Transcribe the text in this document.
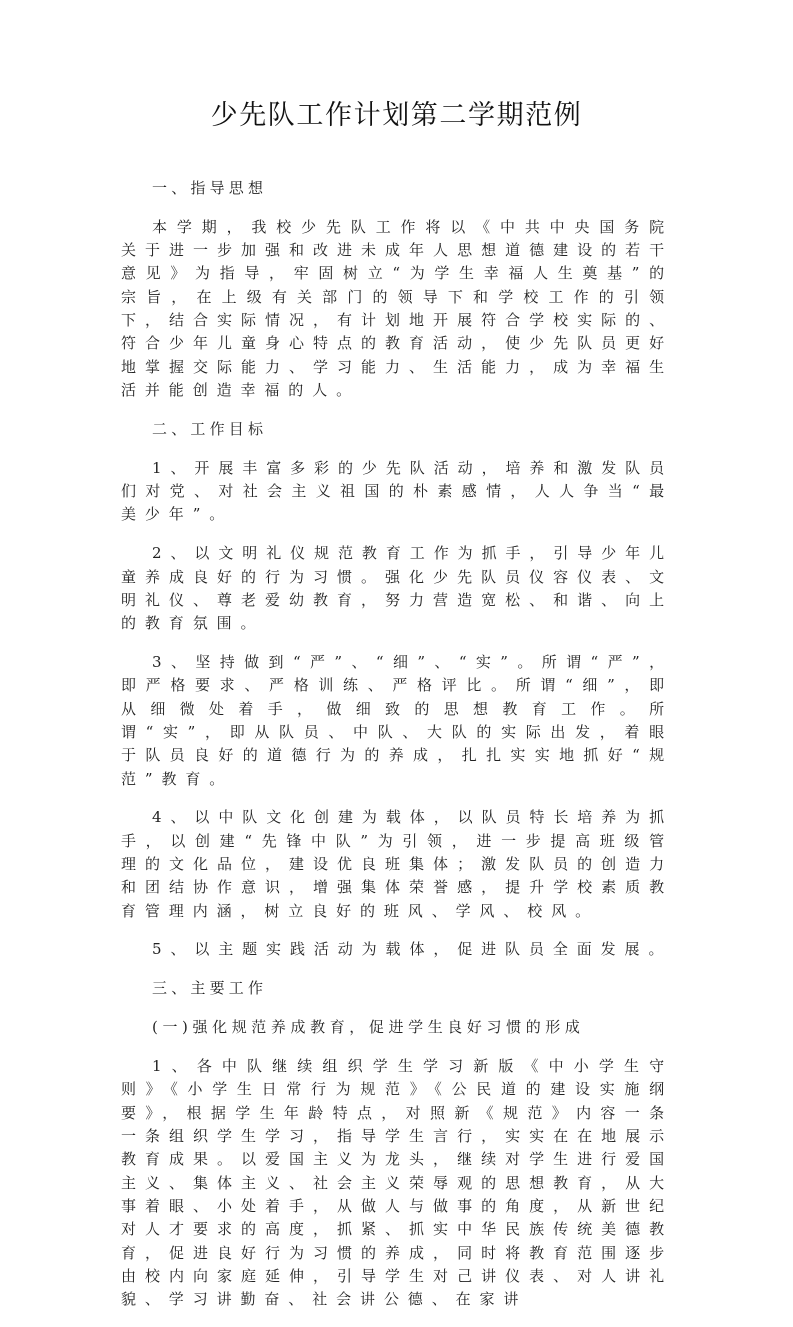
少先队工作计划第二学期范例

一、指导思想

本学期，我校少先队工作将以《中共中央国务院关于进一步加强和改进未成年人思想道德建设的若干意见》为指导，牢固树立“为学生幸福人生奠基”的宗旨，在上级有关部门的领导下和学校工作的引领下，结合实际情况，有计划地开展符合学校实际的、符合少年儿童身心特点的教育活动，使少先队员更好地掌握交际能力、学习能力、生活能力，成为幸福生活并能创造幸福的人。

二、工作目标

1、开展丰富多彩的少先队活动，培养和激发队员们对党、对社会主义祖国的朴素感情，人人争当“最美少年”。

2、以文明礼仪规范教育工作为抓手，引导少年儿童养成良好的行为习惯。强化少先队员仪容仪表、文明礼仪、尊老爱幼教育，努力营造宽松、和谐、向上的教育氛围。

3、坚持做到“严”、“细”、“实”。所谓“严”，即严格要求、严格训练、严格评比。所谓“细”，即从细微处着手，做细致的思想教育工作。所谓“实”，即从队员、中队、大队的实际出发，着眼于队员良好的道德行为的养成，扎扎实实地抓好“规范”教育。

4、以中队文化创建为载体，以队员特长培养为抓手，以创建“先锋中队”为引领，进一步提高班级管理的文化品位，建设优良班集体；激发队员的创造力和团结协作意识，增强集体荣誉感，提升学校素质教育管理内涵，树立良好的班风、学风、校风。

5、以主题实践活动为载体，促进队员全面发展。

三、主要工作

(一)强化规范养成教育，促进学生良好习惯的形成

1、各中队继续组织学生学习新版《中小学生守则》《小学生日常行为规范》《公民道的建设实施纲要》，根据学生年龄特点，对照新《规范》内容一条一条组织学生学习，指导学生言行，实实在在地展示教育成果。以爱国主义为龙头，继续对学生进行爱国主义、集体主义、社会主义荣辱观的思想教育，从大事着眼、小处着手，从做人与做事的角度，从新世纪对人才要求的高度，抓紧、抓实中华民族传统美德教育，促进良好行为习惯的养成，同时将教育范围逐步由校内向家庭延伸，引导学生对己讲仪表、对人讲礼貌、学习讲勤奋、社会讲公德、在家讲
